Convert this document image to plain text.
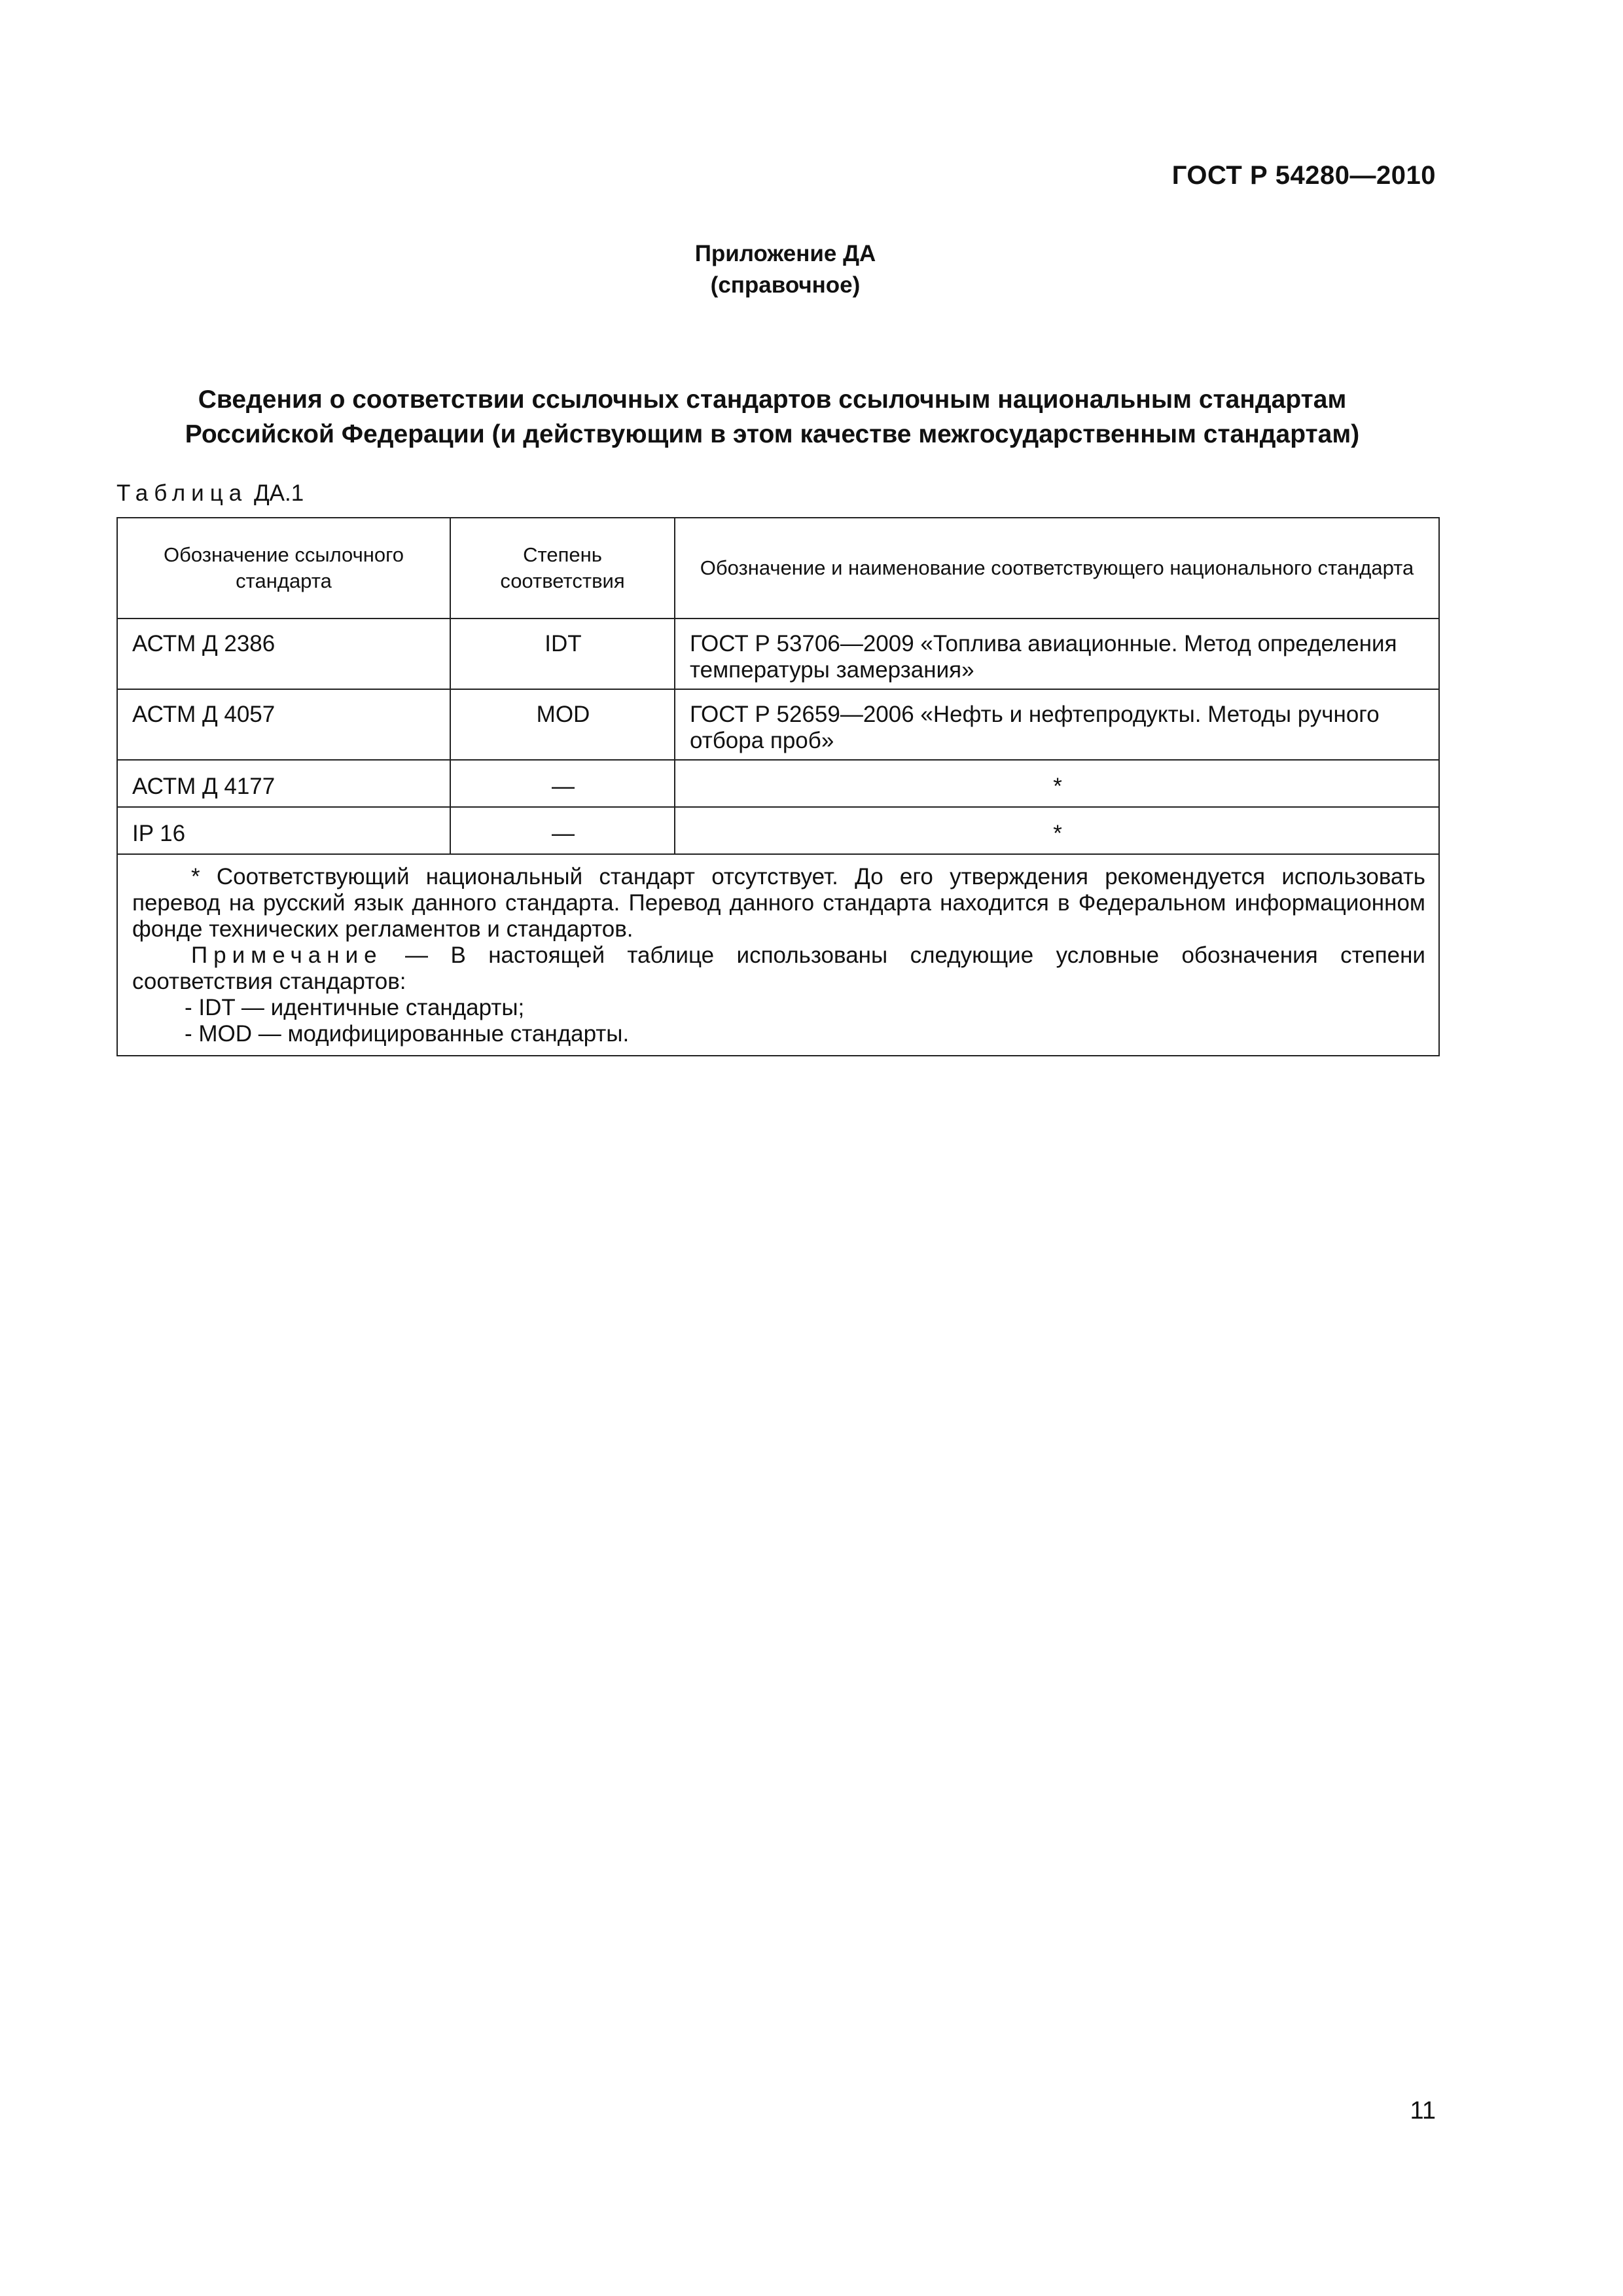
ГОСТ Р 54280—2010
Приложение ДА
(справочное)
Сведения о соответствии ссылочных стандартов ссылочным национальным стандартам
Российской Федерации (и действующим в этом качестве межгосударственным стандартам)
Таблица ДА.1
Обозначение ссылочного стандарта	Степень соответствия	Обозначение и наименование соответствующего национального стандарта
АСТМ Д 2386	IDT	ГОСТ Р 53706—2009 «Топлива авиационные. Метод определения температуры замерзания»
АСТМ Д 4057	MOD	ГОСТ Р 52659—2006 «Нефть и нефтепродукты. Методы ручного отбора проб»
АСТМ Д 4177	—	*
IP 16	—	*

* Соответствующий национальный стандарт отсутствует. До его утверждения рекомендуется использовать перевод на русский язык данного стандарта. Перевод данного стандарта находится в Федеральном информационном фонде технических регламентов и стандартов.

Примечание — В настоящей таблице использованы следующие условные обозначения степени соответствия стандартов:

- IDT — идентичные стандарты;
- MOD — модифицированные стандарты.		
11
